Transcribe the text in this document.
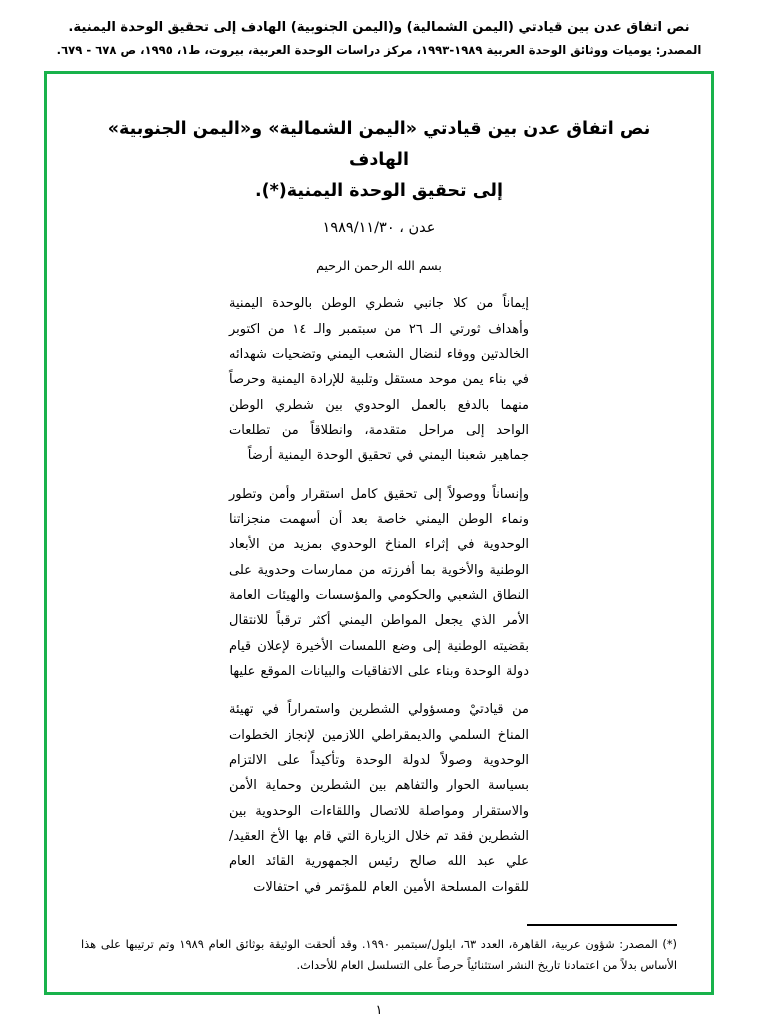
نص اتفاق عدن بين قيادتي (اليمن الشمالية) و(اليمن الجنوبية) الهادف إلى تحقيق الوحدة اليمنية.
المصدر: يوميات ووثائق الوحدة العربية ١٩٨٩-١٩٩٣، مركز دراسات الوحدة العربية، بيروت، ط١، ١٩٩٥، ص ٦٧٨ - ٦٧٩.
نص اتفاق عدن بين قيادتي «اليمن الشمالية» و«اليمن الجنوبية» الهادف
إلى تحقيق الوحدة اليمنية(*).
عدن ، ١٩٨٩/١١/٣٠
بسم الله الرحمن الرحيم

إيماناً من كلا جانبي شطري الوطن بالوحدة اليمنية وأهداف ثورتي الـ ٢٦ من سبتمبر والـ ١٤ من اكتوبر الخالدتين ووفاء لنضال الشعب اليمني وتضحيات شهدائه في بناء يمن موحد مستقل وتلبية للإرادة اليمنية وحرصاً منهما بالدفع بالعمل الوحدوي بين شطري الوطن الواحد إلى مراحل متقدمة، وانطلاقاً من تطلعات جماهير شعبنا اليمني في تحقيق الوحدة اليمنية أرضاً

وإنساناً ووصولاً إلى تحقيق كامل استقرار وأمن وتطور ونماء الوطن اليمني خاصة بعد أن أسهمت منجزاتنا الوحدوية في إثراء المناخ الوحدوي بمزيد من الأبعاد الوطنية والأخوية بما أفرزته من ممارسات وحدوية على النطاق الشعبي والحكومي والمؤسسات والهيئات العامة الأمر الذي يجعل المواطن اليمني أكثر ترقباً للانتقال بقضيته الوطنية إلى وضع اللمسات الأخيرة لإعلان قيام دولة الوحدة وبناء على الاتفاقيات والبيانات الموقع عليها

من قيادتيْ ومسؤولي الشطرين واستمراراً في تهيئة المناخ السلمي والديمقراطي اللازمين لإنجاز الخطوات الوحدوية وصولاً لدولة الوحدة وتأكيداً على الالتزام بسياسة الحوار والتفاهم بين الشطرين وحماية الأمن والاستقرار ومواصلة للاتصال واللقاءات الوحدوية بين الشطرين فقد تم خلال الزيارة التي قام بها الأخ العقيد/ علي عبد الله صالح رئيس الجمهورية القائد العام للقوات المسلحة الأمين العام للمؤتمر في احتفالات

(*) المصدر: شؤون عربية، القاهرة، العدد ٦٣، ايلول/سبتمبر ١٩٩٠. وقد ألحقت الوثيقة بوثائق العام ١٩٨٩ وتم ترتيبها على هذا الأساس بدلاً من اعتمادنا تاريخ النشر استثنائياً حرصاً على التسلسل العام للأحداث.
١
